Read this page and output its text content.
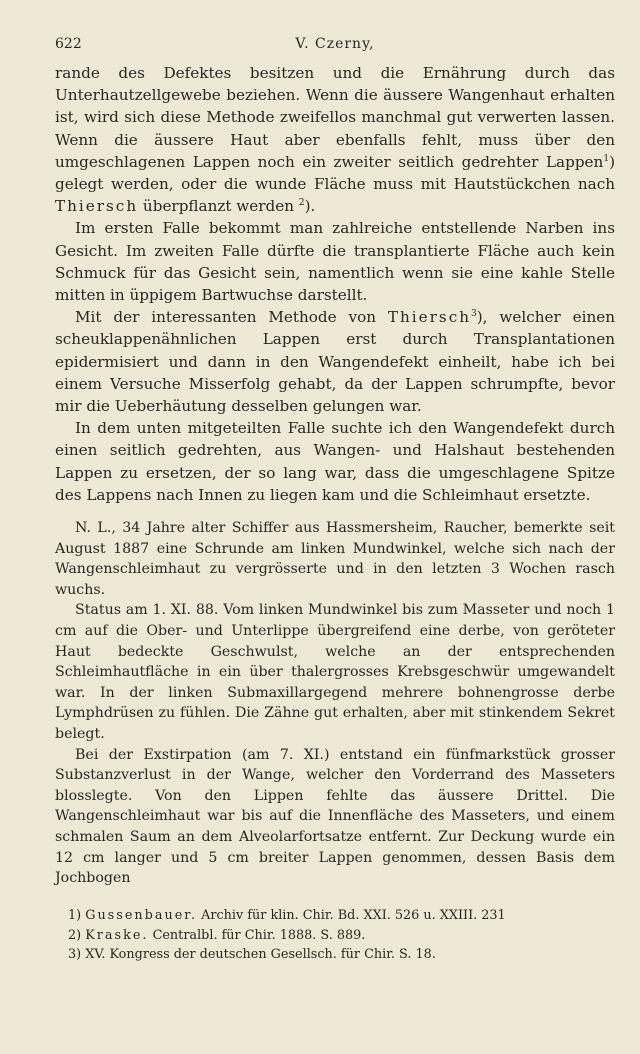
622	V. Czerny,

rande des Defektes besitzen und die Ernährung durch das Unterhautzellgewebe beziehen. Wenn die äussere Wangenhaut erhalten ist, wird sich diese Methode zweifellos manchmal gut verwerten lassen. Wenn die äussere Haut aber ebenfalls fehlt, muss über den umgeschlagenen Lappen noch ein zweiter seitlich gedrehter Lappen$^1$) gelegt werden, oder die wunde Fläche muss mit Hautstückchen nach Thiersch überpflanzt werden $^2$).

Im ersten Falle bekommt man zahlreiche entstellende Narben ins Gesicht. Im zweiten Falle dürfte die transplantierte Fläche auch kein Schmuck für das Gesicht sein, namentlich wenn sie eine kahle Stelle mitten in üppigem Bartwuchse darstellt.

Mit der interessanten Methode von Thiersch$^3$), welcher einen scheuklappenähnlichen Lappen erst durch Transplantationen epidermisiert und dann in den Wangendefekt einheilt, habe ich bei einem Versuche Misserfolg gehabt, da der Lappen schrumpfte, bevor mir die Ueberhäutung desselben gelungen war.

In dem unten mitgeteilten Falle suchte ich den Wangendefekt durch einen seitlich gedrehten, aus Wangen- und Halshaut bestehenden Lappen zu ersetzen, der so lang war, dass die umgeschlagene Spitze des Lappens nach Innen zu liegen kam und die Schleimhaut ersetzte.

N. L., 34 Jahre alter Schiffer aus Hassmersheim, Raucher, bemerkte seit August 1887 eine Schrunde am linken Mundwinkel, welche sich nach der Wangenschleimhaut zu vergrösserte und in den letzten 3 Wochen rasch wuchs.

Status am 1. XI. 88. Vom linken Mundwinkel bis zum Masseter und noch 1 cm auf die Ober- und Unterlippe übergreifend eine derbe, von geröteter Haut bedeckte Geschwulst, welche an der entsprechenden Schleimhautfläche in ein über thalergrosses Krebsgeschwür umgewandelt war. In der linken Submaxillargegend mehrere bohnengrosse derbe Lymphdrüsen zu fühlen. Die Zähne gut erhalten, aber mit stinkendem Sekret belegt.

Bei der Exstirpation (am 7. XI.) entstand ein fünfmarkstück grosser Substanzverlust in der Wange, welcher den Vorderrand des Masseters blosslegte. Von den Lippen fehlte das äussere Drittel. Die Wangenschleimhaut war bis auf die Innenfläche des Masseters, und einem schmalen Saum an dem Alveolarfortsatze entfernt. Zur Deckung wurde ein 12 cm langer und 5 cm breiter Lappen genommen, dessen Basis dem Jochbogen

1) Gussenbauer. Archiv für klin. Chir. Bd. XXI. 526 u. XXIII. 231
2) Kraske. Centralbl. für Chir. 1888. S. 889.
3) XV. Kongress der deutschen Gesellsch. für Chir. S. 18.
